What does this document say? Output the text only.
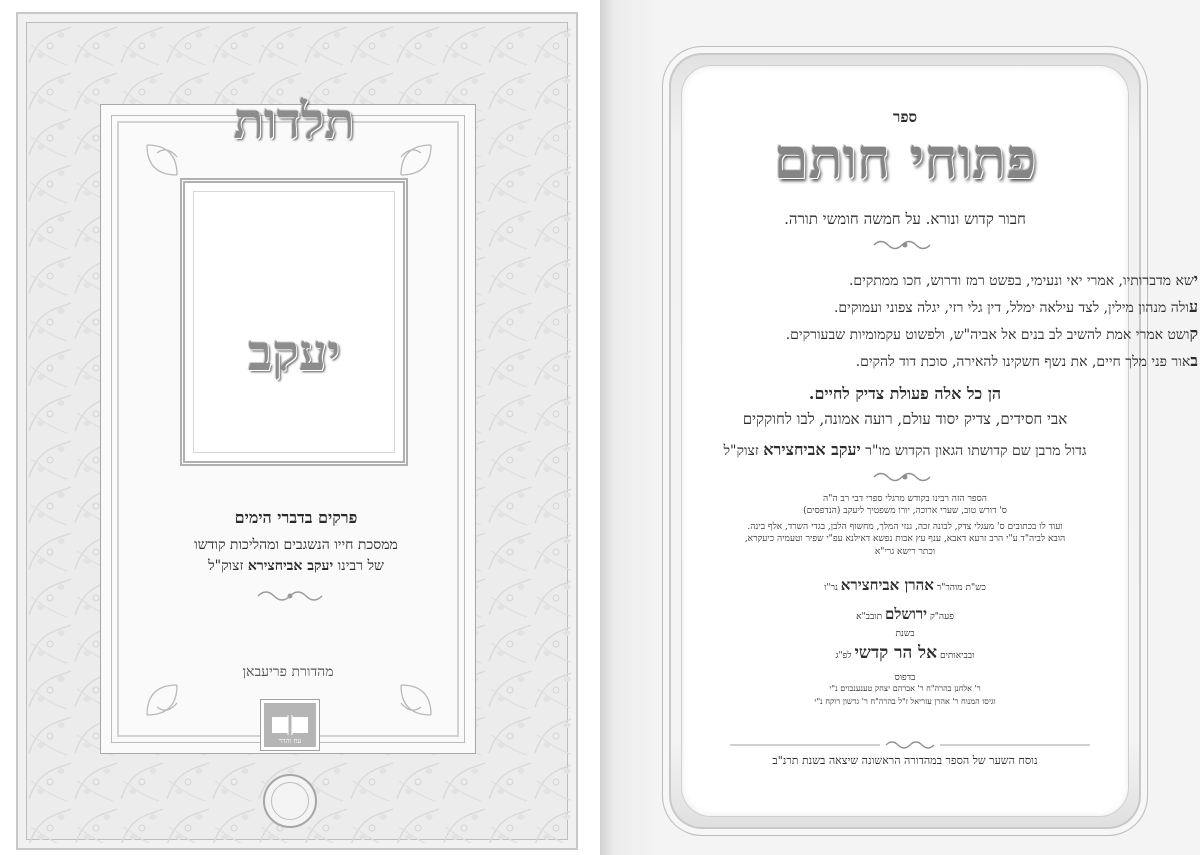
תלדות
יעקב
פרקים בדברי הימים
ממסכת חייו הנשגבים ומהליכות קודשו
של רבינו יעקב אביחצירא זצוק"ל
מהדורת פריעבאן
עוז והדר
ספר
פתוחי חותם
חבור קדוש ונורא. על חמשה חומשי תורה.
ישא מדברותיו, אמרי יאי ונעימי, בפשט רמז ודרוש, חכו ממתקים.
עולה מנהון מילין, לצד עילאה ימלל, דין גלי רזי, יגלה צפוני ועמוקים.
קושט אמרי אמת להשיב לב בנים אל אביה"ש, ולפשוט עקמומיות שבעורקים.
באור פני מלך חיים, את נשף חשקינו להאירה, סוכת דוד להקים.
הן כל אלה פעולת צדיק לחיים.
אבי חסידים, צדיק יסוד עולם, רועה אמונה, לבו לחוקקים
גדול מרבן שם קדושתו הגאון הקדוש מו"ר יעקב אביחצירא זצוק"ל
הספר הזה רבינו בקודש מרגלי ספרי דבי רב ה"ה
ס' דורש טוב, שערי ארוכה, יורו משפטיך ליעקב (הנדפסים)
ועוד לו בכתובים ס' מעגלי צדק, לבונה זכה, גנזי המלך, מחשוף הלבן, בגדי השרד, אלף בינה.
הובא לביה"ד ע"י הרב זרעא דאבא, ענף עץ אבות נפשא דאילנא עפ"י שפיר וטעמיה כיעקרא,
וכתר רישא גרי"א
כש"ת מוהר"ר אהרן אביחצירא נר"ו
פעה"ק ירושלם תובב"א
בשנת
ובביאותים אל הר קדשי לפ"ג
בדפוס
ר' אלחנן בהרה"ח ר' אברהם יצחק טענענבוים נ"י
וגיסו המנוח ר' אהרן עזריאל ז"ל בהרה"ח ר' גרשון רוקח נ"י
נוסח השער של הספר במהדורה הראשונה שיצאה בשנת תרנ"ב
